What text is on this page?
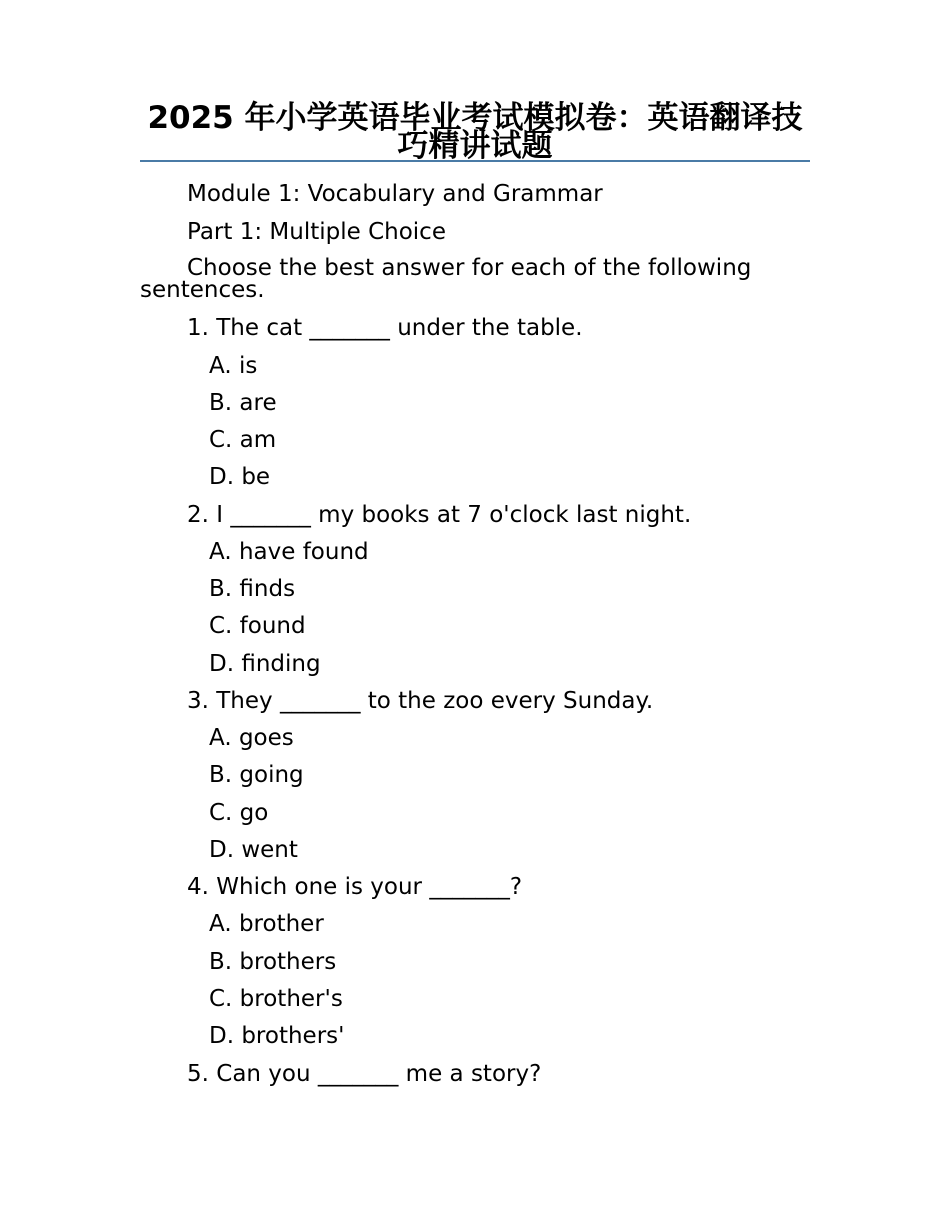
2025 年小学英语毕业考试模拟卷：英语翻译技巧精讲试题
Module 1: Vocabulary and Grammar
Part 1: Multiple Choice
Choose the best answer for each of the following sentences.
1. The cat _______ under the table.
A. is
B. are
C. am
D. be
2. I _______ my books at 7 o'clock last night.
A. have found
B. finds
C. found
D. finding
3. They _______ to the zoo every Sunday.
A. goes
B. going
C. go
D. went
4. Which one is your _______?
A. brother
B. brothers
C. brother's
D. brothers'
5. Can you _______ me a story?
